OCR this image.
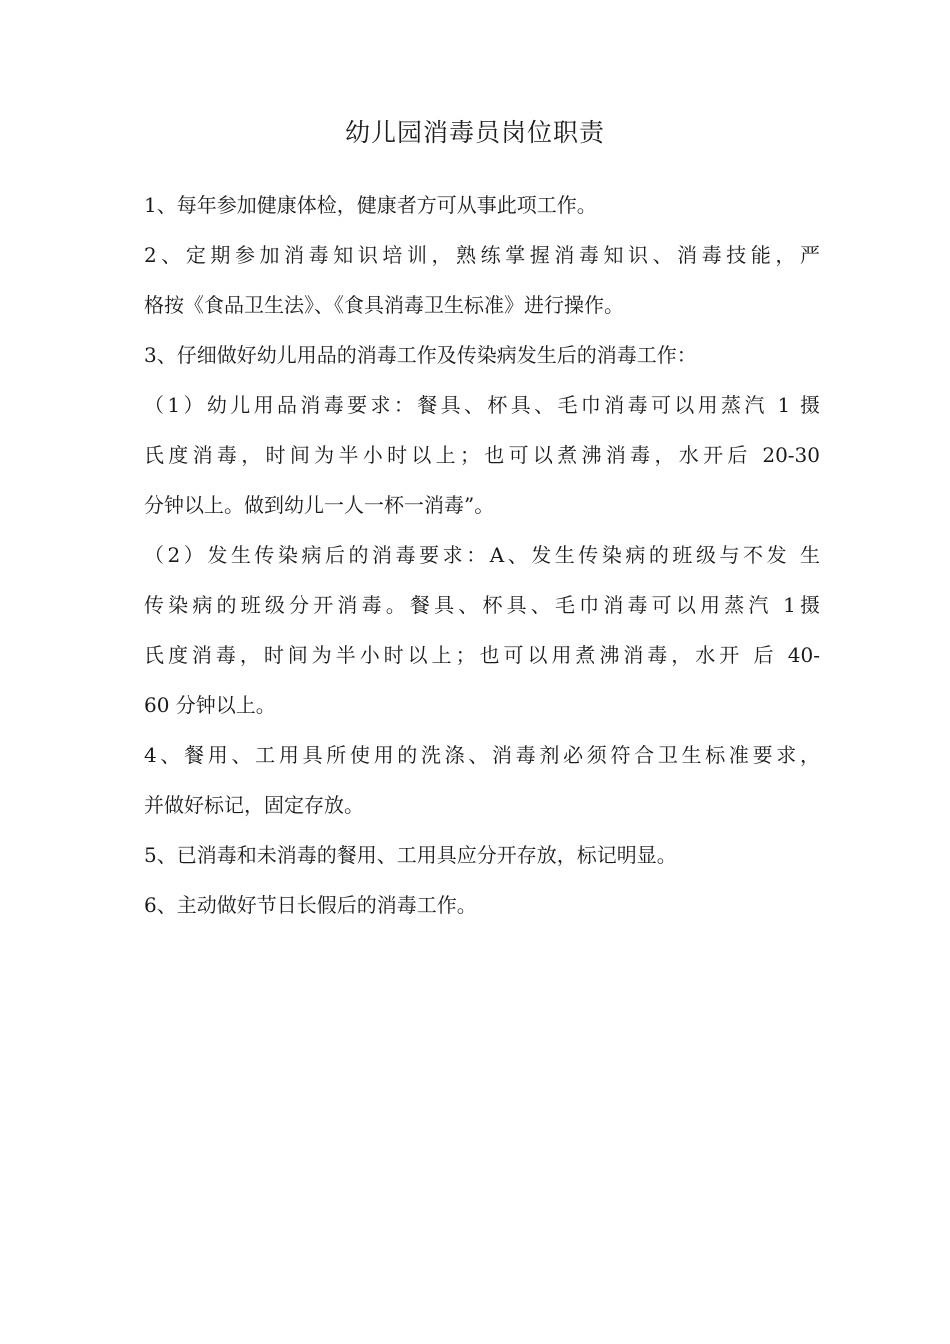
幼儿园消毒员岗位职责
1、每年参加健康体检，健康者方可从事此项工作。
2、定期参加消毒知识培训，熟练掌握消毒知识、消毒技能，严
格按《食品卫生法》、《食具消毒卫生标准》进行操作。
3、仔细做好幼儿用品的消毒工作及传染病发生后的消毒工作：
（1）幼儿用品消毒要求：餐具、杯具、毛巾消毒可以用蒸汽 1 摄
氏度消毒，时间为半小时以上；也可以煮沸消毒，水开后 20-30
分钟以上。做到幼儿一人一杯一消毒”。
（2）发生传染病后的消毒要求：A、发生传染病的班级与不发 生
传染病的班级分开消毒。餐具、杯具、毛巾消毒可以用蒸汽 1摄
氏度消毒，时间为半小时以上；也可以用煮沸消毒，水开 后 40-
60 分钟以上。
4、餐用、工用具所使用的洗涤、消毒剂必须符合卫生标准要求，
并做好标记，固定存放。
5、已消毒和未消毒的餐用、工用具应分开存放，标记明显。
6、主动做好节日长假后的消毒工作。
